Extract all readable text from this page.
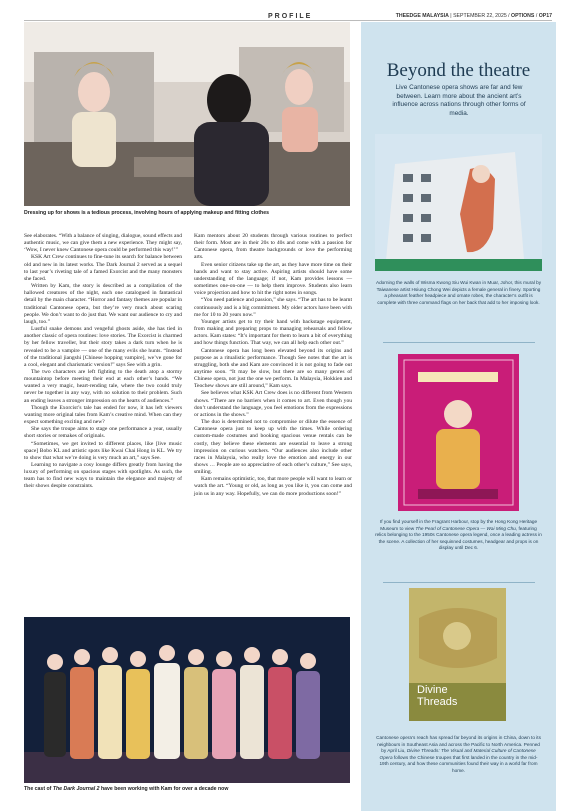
PROFILE	THEEDGE MALAYSIA | SEPTEMBER 22, 2025 / OPTIONS / OP17
Dressing up for shows is a tedious process, involving hours of applying makeup and fitting clothes

See elaborates. “With a balance of singing, dialogue, sound effects and authentic music, we can give them a new experience. They might say, ‘Wow, I never knew Cantonese opera could be performed this way!’”

KSK Art Crew continues to fine-tune its search for balance between old and new in its latest works. The Dark Journal 2 served as a sequel to last year’s riveting tale of a famed Exorcist and the many monsters she faced.

Written by Kam, the story is described as a compilation of the hallowed creatures of the night, each one catalogued in fantastical detail by the main character. “Horror and fantasy themes are popular in traditional Cantonese opera, but they’re very much about scaring people. We don’t want to do just that. We want our audience to cry and laugh, too.”

Lustful snake demons and vengeful ghosts aside, she has tied in another classic of opera routines: love stories. The Exorcist is charmed by her fellow traveller, but their story takes a dark turn when he is revealed to be a vampire — one of the many evils she hunts. “Instead of the traditional jiangshi [Chinese hopping vampire], we’ve gone for a cool, elegant and charismatic version!” says See with a grin.

The two characters are left fighting to the death atop a stormy mountaintop before meeting their end at each other’s hands. “We wanted a very magic, heart-rending tale, where the two could truly never be together in any way, with no solution to their problem. Such an ending leaves a stronger impression on the hearts of audiences.”

Though the Exorcist’s tale has ended for now, it has left viewers wanting more original tales from Kam’s creative mind. When can they expect something exciting and new?

She says the troupe aims to stage one performance a year, usually short stories or remakes of originals.

“Sometimes, we get invited to different places, like [live music space] Bobo KL and artistic spots like Kwai Chai Hong in KL. We try to show that what we’re doing is very much an art,” says See.

Learning to navigate a cosy lounge differs greatly from having the luxury of performing on spacious stages with spotlights. As such, the team has to find new ways to maintain the elegance and majesty of their shows despite constraints.

Kam mentors about 20 students through various routines to perfect their form. Most are in their 20s to 40s and come with a passion for Cantonese opera, from theatre backgrounds or love the performing arts.

Even senior citizens take up the art, as they have more time on their hands and want to stay active. Aspiring artists should have some understanding of the language; if not, Kam provides lessons — sometimes one-on-one — to help them improve. Students also learn voice projection and how to hit the right notes in songs.

“You need patience and passion,” she says. “The art has to be learnt continuously and is a big commitment. My older actors have been with me for 10 to 20 years now.”

Younger artists get to try their hand with backstage equipment, from making and preparing props to managing rehearsals and fellow actors. Kam states: “It’s important for them to learn a bit of everything and how things function. That way, we can all help each other out.”

Cantonese opera has long been elevated beyond its origins and purpose as a ritualistic performance. Though See notes that the art is struggling, both she and Kam are convinced it is not going to fade out anytime soon. “It may be slow, but there are so many genres of Chinese opera, not just the one we perform. In Malaysia, Hokkien and Teochew shows are still around,” Kam says.

See believes what KSK Art Crew does is no different from Western shows. “There are no barriers when it comes to art. Even though you don’t understand the language, you feel emotions from the expressions or actions in the shows.”

The duo is determined not to compromise or dilute the essence of Cantonese opera just to keep up with the times. While ordering custom-made costumes and booking spacious venue rentals can be costly, they believe these elements are essential to leave a strong impression on curious watchers. “Our audiences also include other races in Malaysia, who really love the emotion and energy in our shows … People are so appreciative of each other’s culture,” See says, smiling.

Kam remains optimistic, too, that more people will want to learn or watch the art. “Young or old, as long as you like it, you can come and join us in any way. Hopefully, we can do more productions soon!”

The cast of The Dark Journal 2 have been working with Kam for over a decade now
Beyond the theatre
Live Cantonese opera shows are far and few between. Learn more about the ancient art’s influence across nations through other forms of media.
Adorning the walls of Wisma Kwong Siu Wui Kwan in Muar, Johor, this mural by Taiwanese artist Hsiung Chong Wei depicts a female general in finery. Sporting a pheasant feather headpiece and ornate robes, the character’s outfit is complete with three command flags on her back that add to her imposing look.
If you find yourself in the Fragrant Harbour, stop by the Hong Kong Heritage Museum to view The Pearl of Cantonese Opera — Wai Ming Chu, featuring relics belonging to the 1950s Cantonese opera legend, once a leading actress in the scene. A collection of her sequinned costumes, headgear and props is on display until Dec 6.
Divine
Threads
Cantonese opera’s reach has spread far beyond its origins in China, down to its neighbours in Southeast Asia and across the Pacific to North America. Penned by April Liu, Divine Threads: The Visual and Material Culture of Cantonese Opera follows the Chinese troupes that first landed in the country in the mid-19th century, and how these communities found their way in a world far from home.
